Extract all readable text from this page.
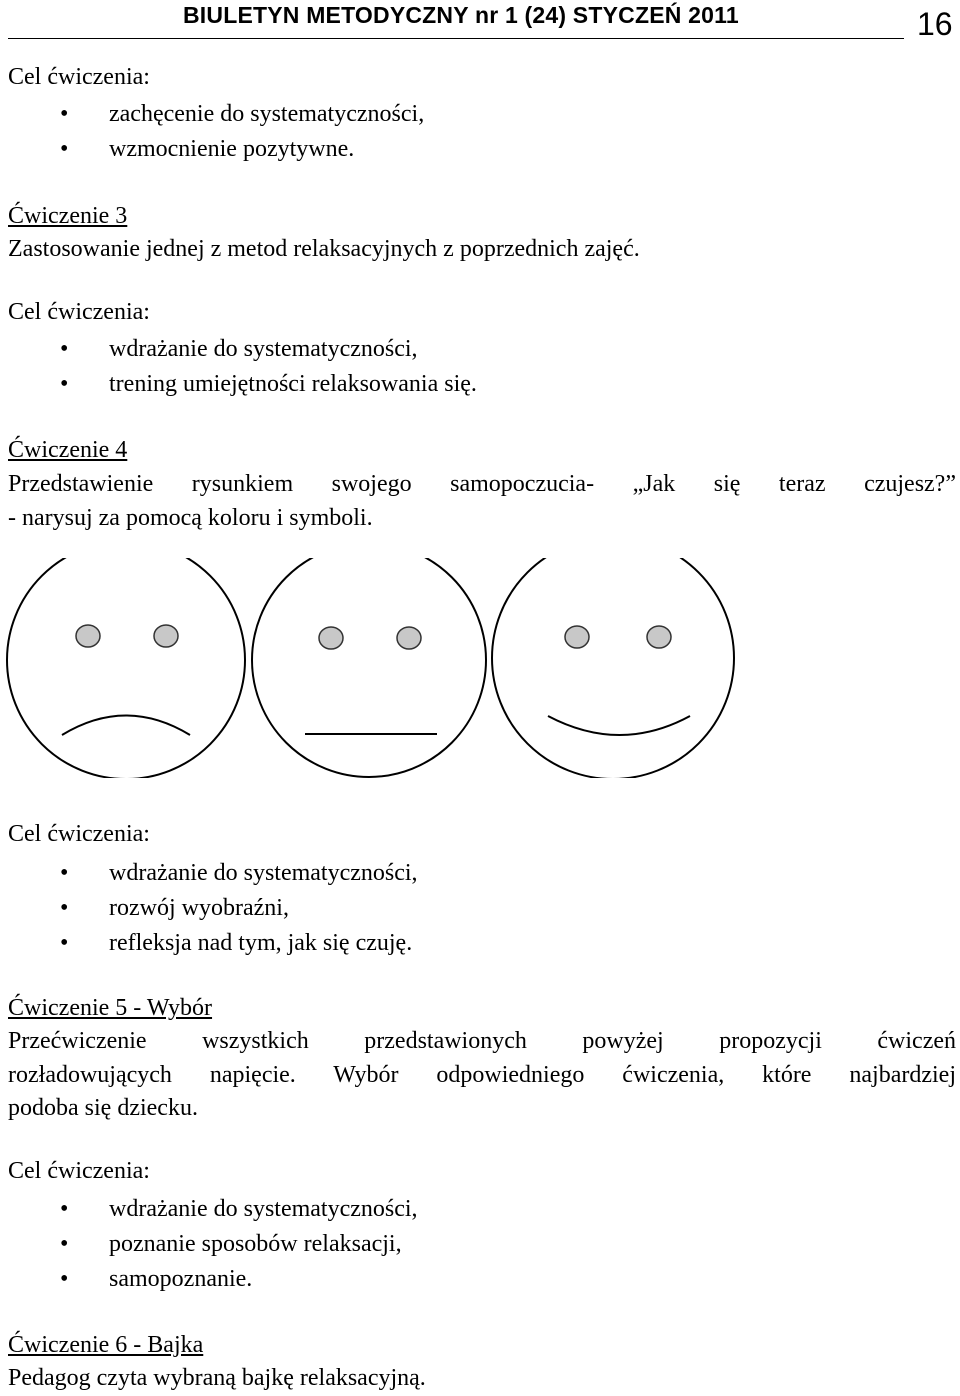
BIULETYN METODYCZNY nr 1 (24) STYCZEŃ 2011	16
Cel ćwiczenia:
• zachęcenie do systematyczności,
• wzmocnienie pozytywne.
Ćwiczenie 3
Zastosowanie jednej z metod relaksacyjnych z poprzednich zajęć.
Cel ćwiczenia:
• wdrażanie do systematyczności,
• trening umiejętności relaksowania się.
Ćwiczenie 4
Przedstawienie rysunkiem swojego samopoczucia- „Jak się teraz czujesz?”
- narysuj za pomocą koloru i symboli.
Cel ćwiczenia:
• wdrażanie do systematyczności,
• rozwój wyobraźni,
• refleksja nad tym, jak się czuję.
Ćwiczenie 5 - Wybór
Przećwiczenie wszystkich przedstawionych powyżej propozycji ćwiczeń
rozładowujących napięcie. Wybór odpowiedniego ćwiczenia, które najbardziej
podoba się dziecku.
Cel ćwiczenia:
• wdrażanie do systematyczności,
• poznanie sposobów relaksacji,
• samopoznanie.
Ćwiczenie 6 - Bajka
Pedagog czyta wybraną bajkę relaksacyjną.
